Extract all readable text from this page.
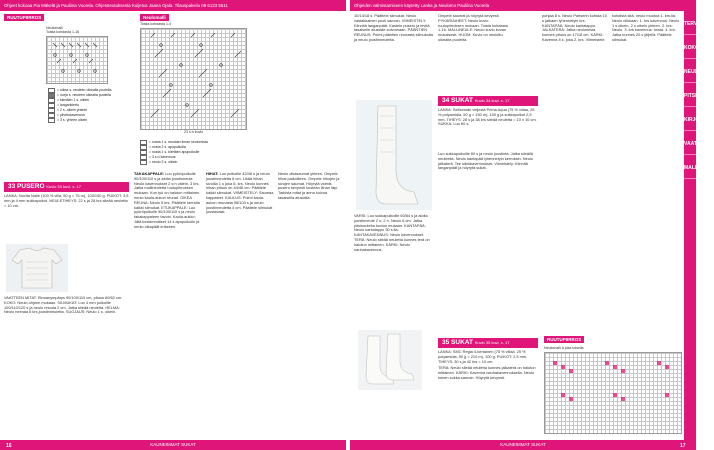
Ohjeet kokoaa Pia Mäkelä ja Pauliina Vuorela. Ohjetoteutuksesta Kuljetus Jaana Ojala. Tilauspalvelu 09 6133 5511	Ohjeiden valmistamiseen käytetty Lanka ja Neulomo Pauliina Vuorela
TERVEHDYS
KOKOUS
NEULONTA
PITSI
KIRJONTA
VAATE
MALLIT
RUUTUPIIRROS
Neulomalli
Toista kohdasta 1-16
Neulomalli
Toista kohdasta 1-4
23 s:n kuvio
= oikea s. neuleen oikealla puolella
= nurja s. neuleen oikealla puolella
= kiertäen 1 s. oikein
= langankierto
= 2 s. oikein yhteen
= ylivetokavennus
= 3 s. yhteen oikein
= nosta 1 s. neulaan ilman neulomista
= nosta 2 s. apupuikolla
= nosta 1 s. kiertäen apupuikolle
= 3 s:n kavennus
= neulo 3 s. oikein
33 PUSERO Kuvio 33 kuvi. s. 17

LANKA: Novita Nalle (100 % villa, 50 g = 75 m), 100/150 g. PUIKOT: 3,5 mm ja 4 mm sukkapuikot. NEULETIHEYS: 22 s ja 28 krs sileää neuletta = 10 cm.

VAATTEEN MITAT: Rinnanympärys 90/100/110 cm, pituus 60/62 cm. KOKO: Neulo ohjeen mukaan. SILMUKAT: Luo 4 mm puikoille 100/110/120 s ja neulo resoria 2 cm. Jatka sileää neuletta. HELMA: Neulo helmaa 6 krs joustinneuletta. SUOJAUS: Neulo 1 s. oikein.

TAKAKAPPALE: Luo pyöröpuikolle 90/100/110 s ja aloita joustinneule. Neulo kavennukset 2 s:n välein, 3 krs. Jatka mallineuletta ruutupiirroksen mukaan. Kun työ on halutun mittainen, neulo kaula-aukon reunat. OIKEA REUNA: Neulo 5 krs. Päättele kerralla kaikki silmukat. ETUKAPPALE: Luo pyöröpuikolle 90/100/110 s ja neulo takakappaleen tavoin. Kaula-aukko: Jätä keskimmäiset 14 s apupuikolle ja neulo olkapäät erikseen.

HIHAT: Luo puikoille 42/46 s ja neulo joustinneuletta 6 cm. Lisää hihan sivuilla 1 s joka 6. krs. Neulo kunnes hihan pituus on 44/46 cm. Päättele kaikki silmukat. VIIMEISTELY: Saumaa kappaleet. KAULUS: Poimi kaula-aukon reunasta 96/104 s ja neulo joustinneuletta 4 cm. Päättele silmukat joustavasti.

Neulo olkasaumat yhteen. Ompele hihat paikoilleen. Ompele hihojen ja sivujen saumat. Höyrytä valmis pusero kevyesti kostean liinan läpi. Tarkista mitat ja anna kuivua tasaisella alustalla.

10/14/18 s. Päättele silmukat. Neulo vastakkainen puoli samoin. VIIMEISTELY: Kiinnitä langanpäät. Kastele pusero ja levitä tasaiselle alustalle kuivumaan. PÄÄNTIEN REUNUS: Poimi pääntien reunasta silmukoita ja neulo joustinneuletta.

Ompele saumat ja höyrytä kevyesti. PYKÄRIAIHEET: Neulo kuvio ruutupiirroksen mukaan. Toista kohdasta 1-16. MALLINEULE: Neulo kuvio kuvan mukaisesti. HUOM: Kuvio on neulottu oikealta puolelta.

34 SUKAT Kuvio 34 kuvi. s. 17

LANKA: Seitsemän veljestä Prima Aqua (75 % villaa, 25 % polyamidia, 50 g = 150 m), 100 g ja sukkapuikot 2,5 mm. TIHEYS: 28 s ja 38 krs sileää neuletta = 10 x 10 cm. SUKKA: Luo 60 s.

VARSI: Luo sukkapuikoille 60/64 s ja aloita joustinneule 2 o, 2 n. Neulo 6 cm. Jatka pitsineuletta kuvion mukaan. KANTAPÄÄ: Neulo kantalappu 30 s:lla. KANTAKAVENNUS: Neulo kavennukset. TERÄ: Neulo sileää neuletta kunnes terä on halutun mittainen. KÄRKI: Neulo nauhakavennus.

Luo sukkapuikoille 60 s ja neulo joustinta. Jatka sileällä neuleella. Neulo kantapää lyhennetyin kerroksin. Neulo jalkaterä. Tee kärkikavennukset. Viimeistely: Kiinnitä langanpäät ja höyrytä sukat.

35 SUKAT Kuvio 35 kuvi. s. 17

LANKA: SMC Regia 4-kertainen (75 % villaa, 25 % polyamidia, 50 g = 210 m), 100 g. PUIKOT: 2,5 mm. TIHEYS: 30 s ja 42 krs = 10 cm.

TERÄ: Neulo sileää neuletta kunnes jalkaterä on halutun mittainen. KÄRKI: Kavenna nauhakavennuksella. Neulo toinen sukka samoin. Höyrytä kevyesti.

pohjaa 8 s. Neulo Pariserin kohtaa 10 s jatkaen lyhennetyin krs. KANTAPÄÄ: Neulo kantalappu. JALKATERÄ: Jatka neulomista kunnes pituus on 17/18 cm. KÄRKI: Kavenna 4 s. joka 2. krs. Viimeistele.

kohdista sitä, neulo muotoa 1. krs:lla. Neulo nilkkaan. 1. krs kavennus: Neulo 1 s oikein, 2 s oikein yhteen. 2. krs: Neulo. 3. krs kavennus: toista. 4. krs: Jatka kunnes 20 s jäljellä. Päättele silmukat.

RUUTUPIIRROS
Neulomalli A joka toisella
KAUNEIMMAT SUKAT	KAUNEIMMAT SUKAT
16	17
